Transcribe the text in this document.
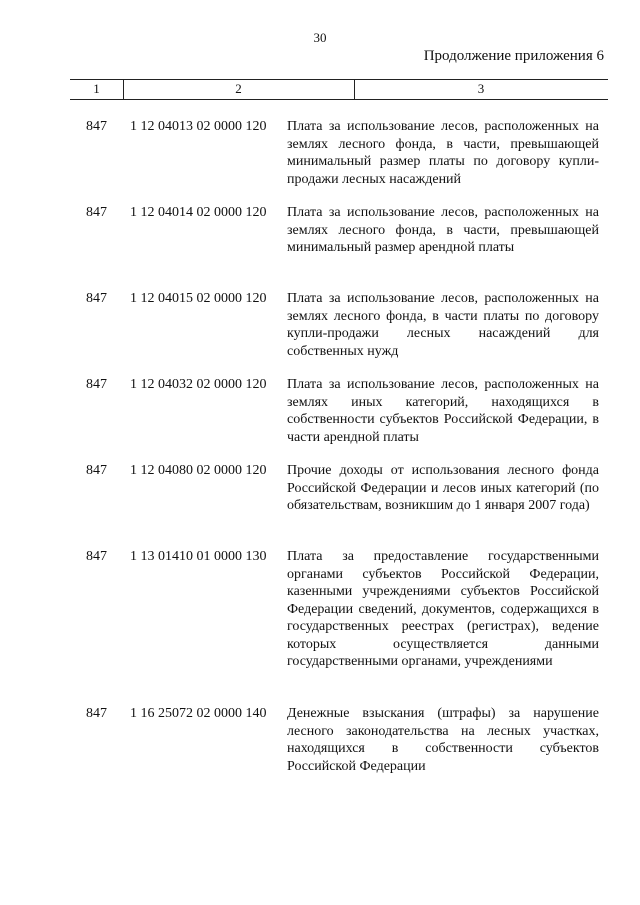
30
Продолжение приложения 6
1	2	3
847 1 12 04013 02 0000 120 Плата за использование лесов, расположенных на землях лесного фонда, в части, превышающей минимальный размер платы по договору купли-продажи лесных насаждений
847 1 12 04014 02 0000 120 Плата за использование лесов, расположенных на землях лесного фонда, в части, превышающей минимальный размер арендной платы
847 1 12 04015 02 0000 120 Плата за использование лесов, расположенных на землях лесного фонда, в части платы по договору купли-продажи лесных насаждений для собственных нужд
847 1 12 04032 02 0000 120 Плата за использование лесов, расположенных на землях иных категорий, находящихся в собственности субъектов Российской Федерации, в части арендной платы
847 1 12 04080 02 0000 120 Прочие доходы от использования лесного фонда Российской Федерации и лесов иных категорий (по обязательствам, возникшим до 1 января 2007 года)
847 1 13 01410 01 0000 130 Плата за предоставление государственными органами субъектов Российской Федерации, казенными учреждениями субъектов Российской Федерации сведений, документов, содержащихся в государственных реестрах (регистрах), ведение которых осуществляется данными государственными органами, учреждениями
847 1 16 25072 02 0000 140 Денежные взыскания (штрафы) за нарушение лесного законодательства на лесных участках, находящихся в собственности субъектов Российской Федерации
